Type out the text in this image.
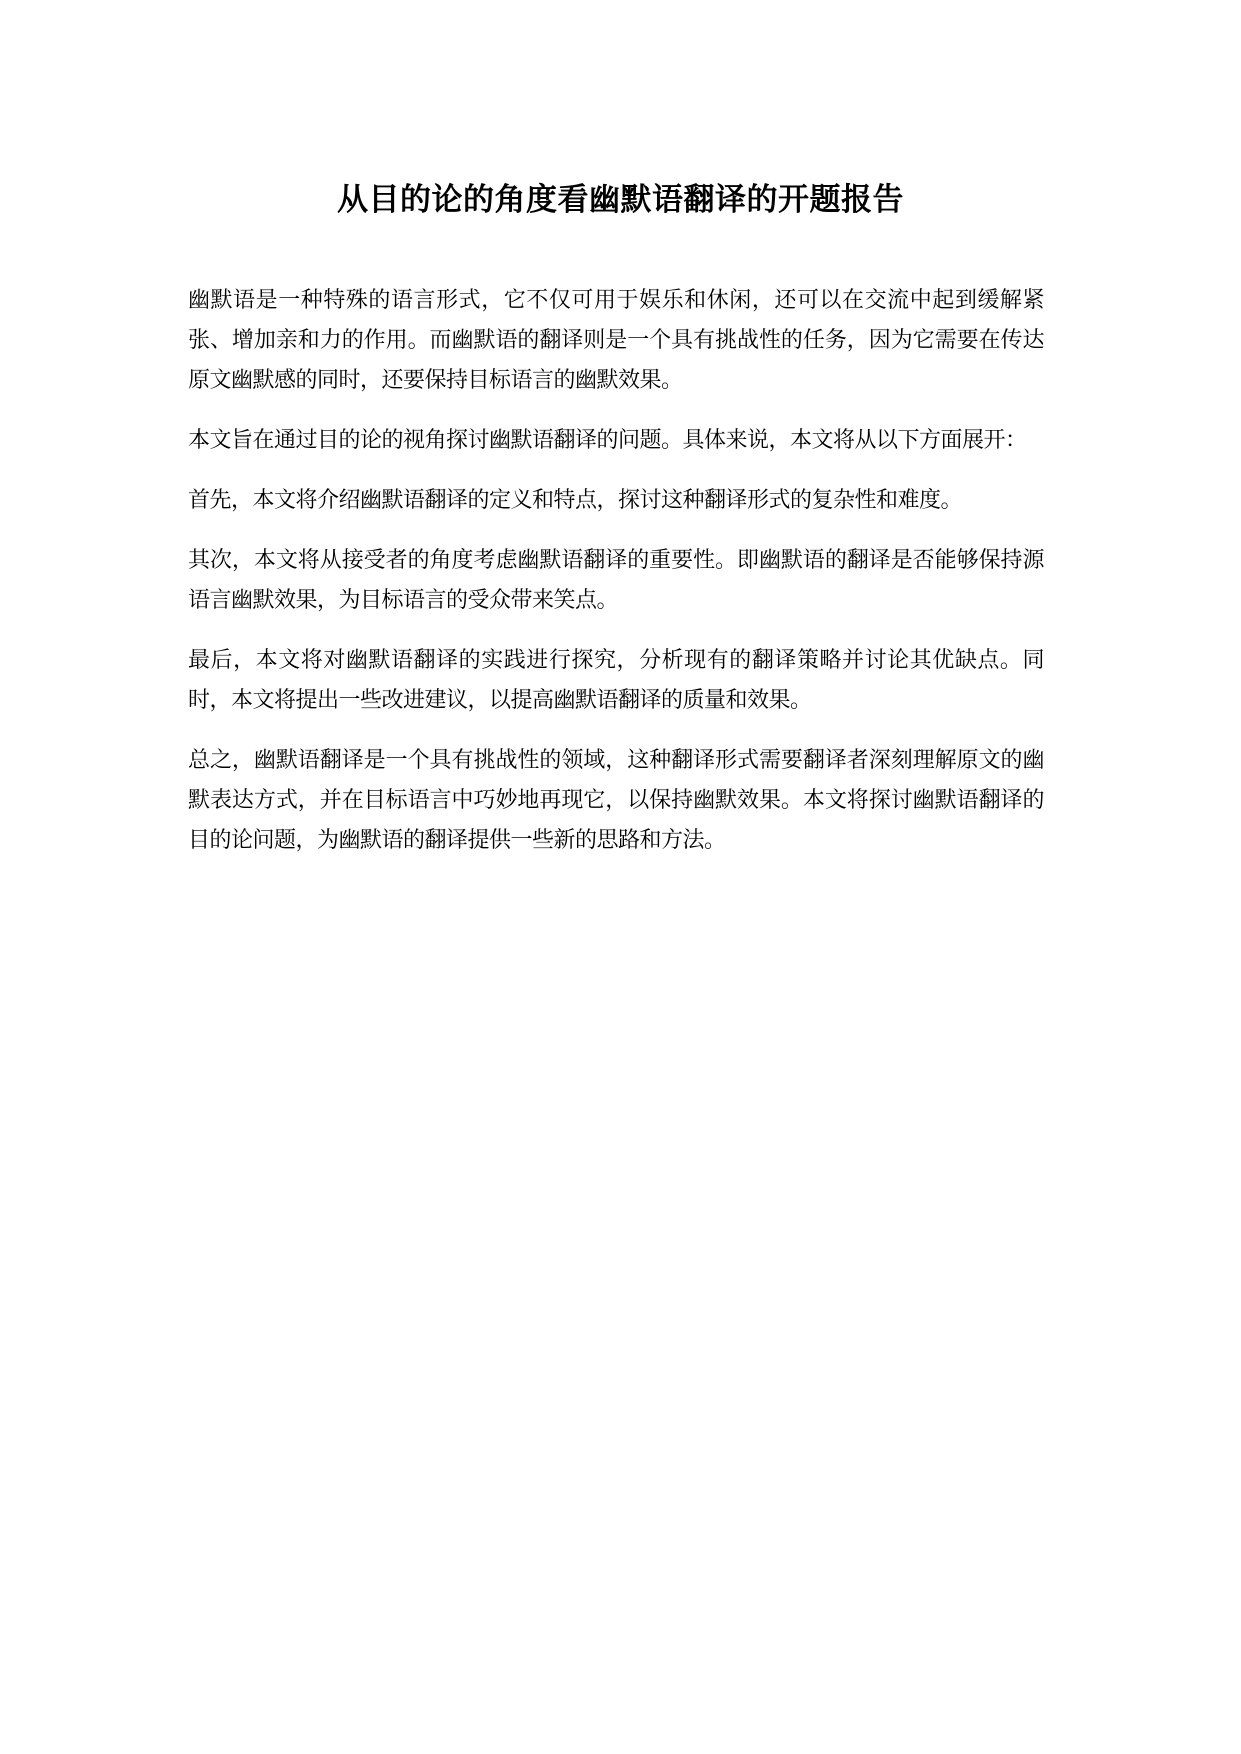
从目的论的角度看幽默语翻译的开题报告

幽默语是一种特殊的语言形式，它不仅可用于娱乐和休闲，还可以在交流中起到缓解紧张、增加亲和力的作用。而幽默语的翻译则是一个具有挑战性的任务，因为它需要在传达原文幽默感的同时，还要保持目标语言的幽默效果。

本文旨在通过目的论的视角探讨幽默语翻译的问题。具体来说，本文将从以下方面展开：

首先，本文将介绍幽默语翻译的定义和特点，探讨这种翻译形式的复杂性和难度。

其次，本文将从接受者的角度考虑幽默语翻译的重要性。即幽默语的翻译是否能够保持源语言幽默效果，为目标语言的受众带来笑点。

最后，本文将对幽默语翻译的实践进行探究，分析现有的翻译策略并讨论其优缺点。同时，本文将提出一些改进建议，以提高幽默语翻译的质量和效果。

总之，幽默语翻译是一个具有挑战性的领域，这种翻译形式需要翻译者深刻理解原文的幽默表达方式，并在目标语言中巧妙地再现它，以保持幽默效果。本文将探讨幽默语翻译的目的论问题，为幽默语的翻译提供一些新的思路和方法。
